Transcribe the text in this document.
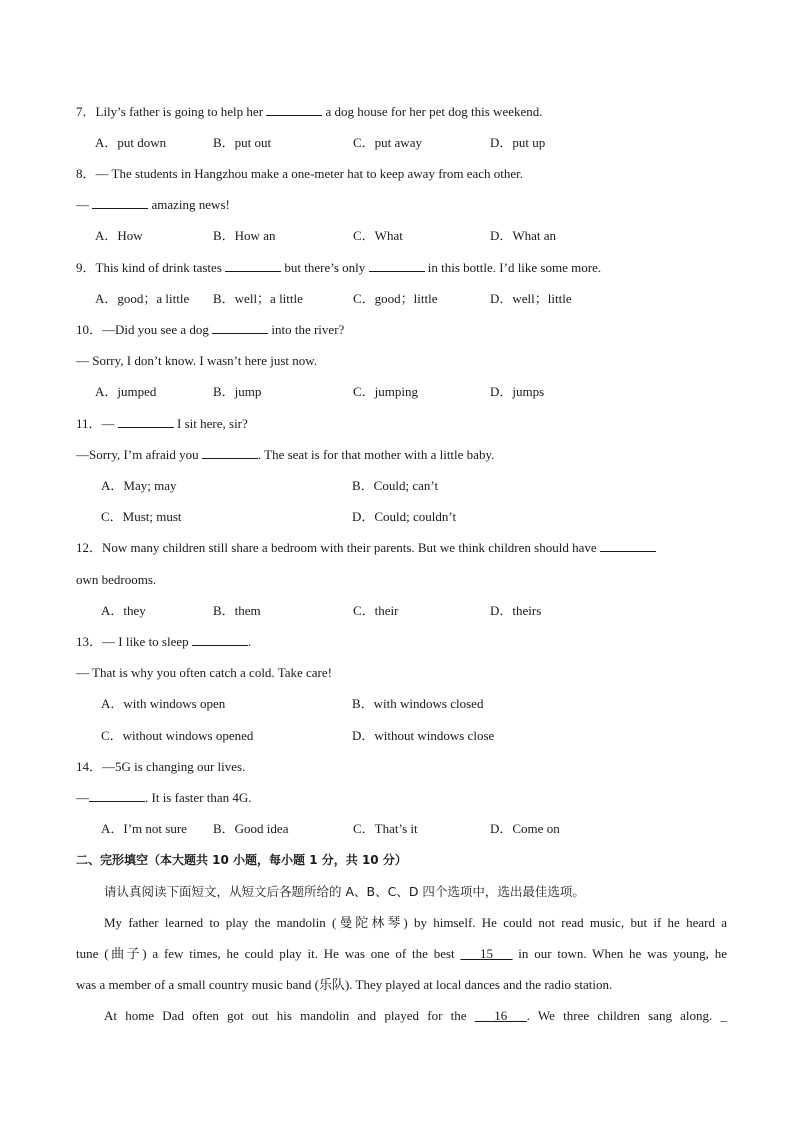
7．Lily’s father is going to help her	a dog house for her pet dog this weekend.
A．put down	B．put out	C．put away	D．put up
8．— The students in Hangzhou make a one-meter hat to keep away from each other.
—	amazing news!
A．How	B．How an	C．What	D．What an
9．This kind of drink tastes	but there’s only	in this bottle. I’d like some more.
A．good；a little B．well；a little	C．good；little	D．well；little
10．—Did you see a dog	into the river?
— Sorry, I don’t know. I wasn’t here just now.
A．jumped	B．jump	C．jumping	D．jumps
11．—	I sit here, sir?
—Sorry, I’m afraid you	. The seat is for that mother with a little baby.
A．May; may	B．Could; can’t
C．Must; must	D．Could; couldn’t
12．Now many children still share a bedroom with their parents. But we think children should have
own bedrooms.
A．they	B．them	C．their	D．theirs
13．— I like to sleep	.
— That is why you often catch a cold. Take care!
A．with windows open	B．with windows closed
C．without windows opened	D．without windows close
14．—5G is changing our lives.
—	. It is faster than 4G.
A．I’m not sure B．Good idea	C．That’s it	D．Come on
二、完形填空（本大题共 10 小题，每小题 1 分，共 10 分）
请认真阅读下面短文，从短文后各题所给的 A、B、C、D 四个选项中，选出最佳选项。
My father learned to play the mandolin (曼陀林琴) by himself. He could not read music, but if he heard a
tune (曲子) a few times, he could play it. He was one of the best ___15___ in our town. When he was young, he
was a member of a small country music band (乐队). They played at local dances and the radio station.
At home Dad often got out his mandolin and played for the ___16___. We three children sang along. _
